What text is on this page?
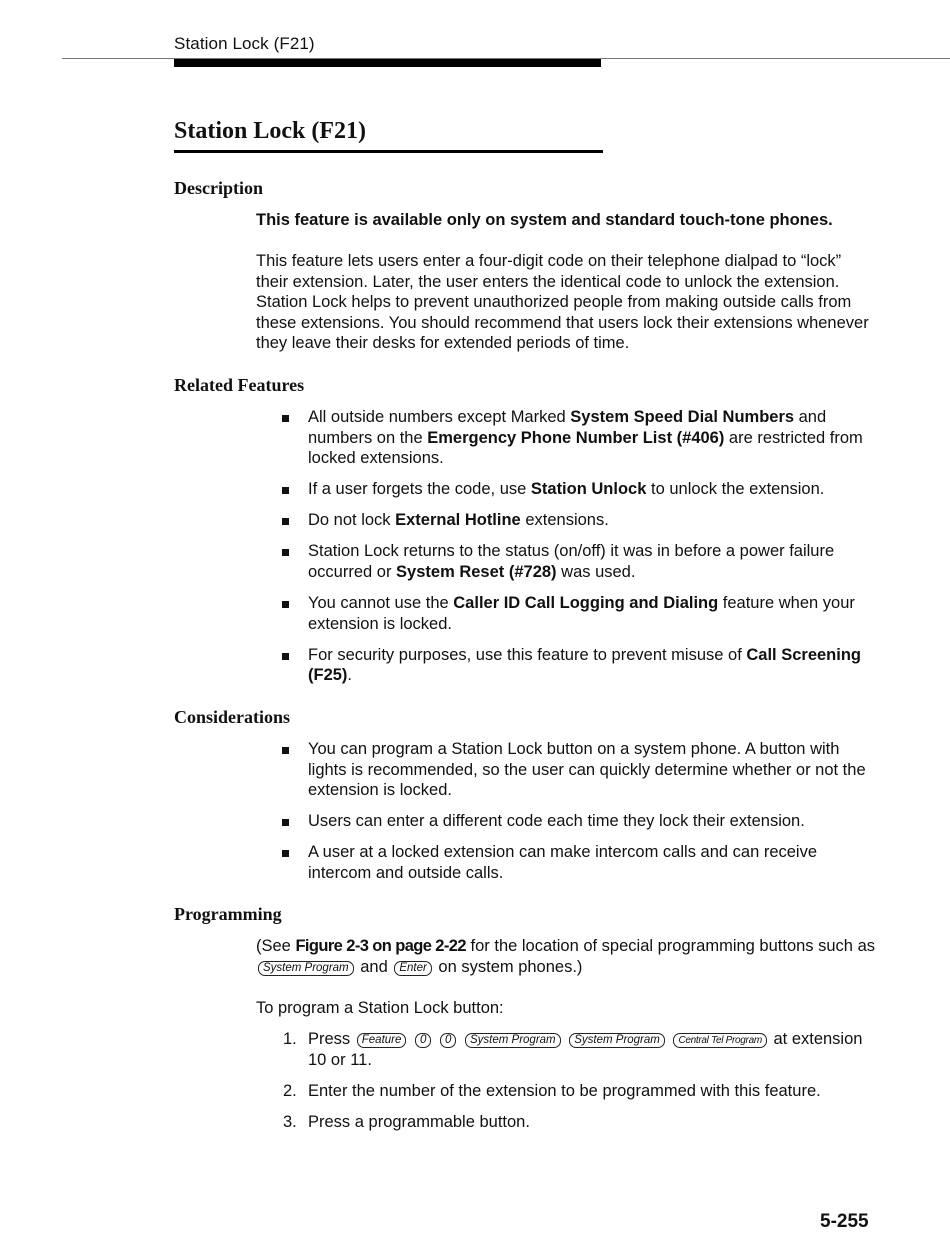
Station Lock (F21)
Station Lock (F21)
Description

This feature is available only on system and standard touch-tone phones.

This feature lets users enter a four-digit code on their telephone dialpad to “lock” their extension. Later, the user enters the identical code to unlock the extension. Station Lock helps to prevent unauthorized people from making outside calls from these extensions. You should recommend that users lock their extensions whenever they leave their desks for extended periods of time.

Related Features
All outside numbers except Marked System Speed Dial Numbers and numbers on the Emergency Phone Number List (#406) are restricted from locked extensions.
If a user forgets the code, use Station Unlock to unlock the extension.
Do not lock External Hotline extensions.
Station Lock returns to the status (on/off) it was in before a power failure occurred or System Reset (#728) was used.
You cannot use the Caller ID Call Logging and Dialing feature when your extension is locked.
For security purposes, use this feature to prevent misuse of Call Screening (F25).
Considerations
You can program a Station Lock button on a system phone. A button with lights is recommended, so the user can quickly determine whether or not the extension is locked.
Users can enter a different code each time they lock their extension.
A user at a locked extension can make intercom calls and can receive intercom and outside calls.
Programming

(See Figure 2-3 on page 2-22 for the location of special programming buttons such as System Program and Enter on system phones.)

To program a Station Lock button:

1. Press Feature 0 0 System Program System Program Central Tel Program at extension 10 or 11.
2. Enter the number of the extension to be programmed with this feature.
3. Press a programmable button.
5-255
